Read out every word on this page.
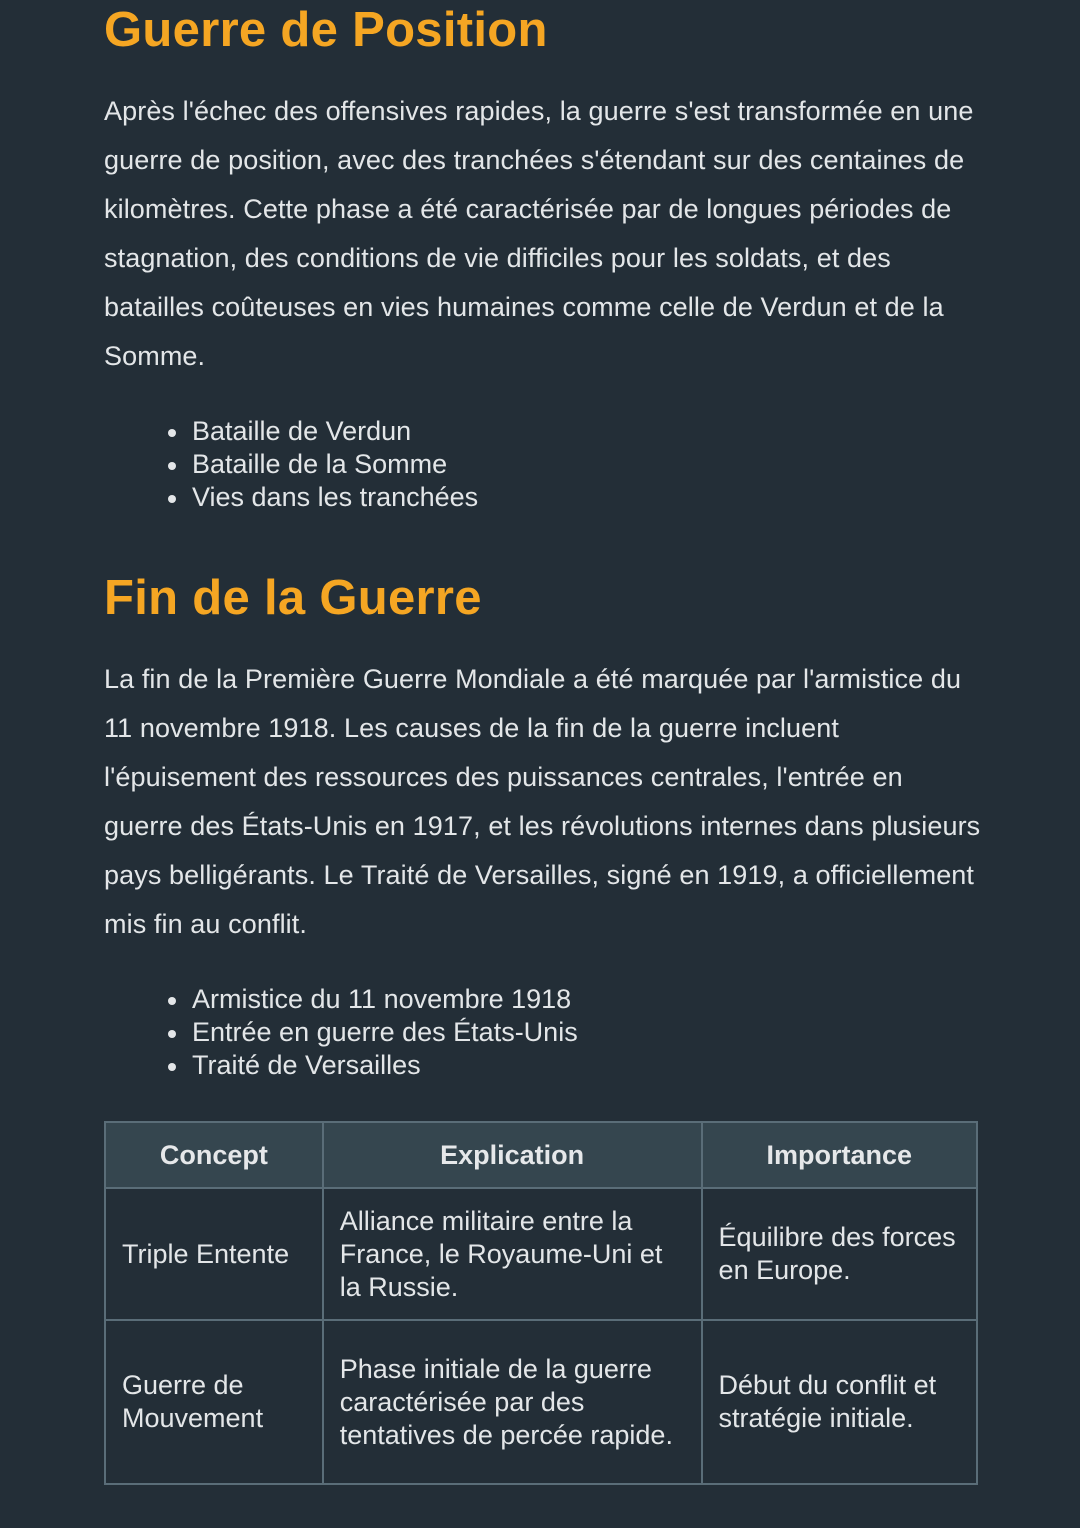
Guerre de Position

Après l'échec des offensives rapides, la guerre s'est transformée en une guerre de position, avec des tranchées s'étendant sur des centaines de kilomètres. Cette phase a été caractérisée par de longues périodes de stagnation, des conditions de vie difficiles pour les soldats, et des batailles coûteuses en vies humaines comme celle de Verdun et de la Somme.

Bataille de Verdun
Bataille de la Somme
Vies dans les tranchées
Fin de la Guerre

La fin de la Première Guerre Mondiale a été marquée par l'armistice du 11 novembre 1918. Les causes de la fin de la guerre incluent l'épuisement des ressources des puissances centrales, l'entrée en guerre des États-Unis en 1917, et les révolutions internes dans plusieurs pays belligérants. Le Traité de Versailles, signé en 1919, a officiellement mis fin au conflit.

Armistice du 11 novembre 1918
Entrée en guerre des États-Unis
Traité de Versailles
Concept	Explication	Importance
Triple Entente	Alliance militaire entre la France, le Royaume-Uni et la Russie.	Équilibre des forces en Europe.
Guerre de Mouvement	Phase initiale de la guerre caractérisée par des tentatives de percée rapide.	Début du conflit et stratégie initiale.
